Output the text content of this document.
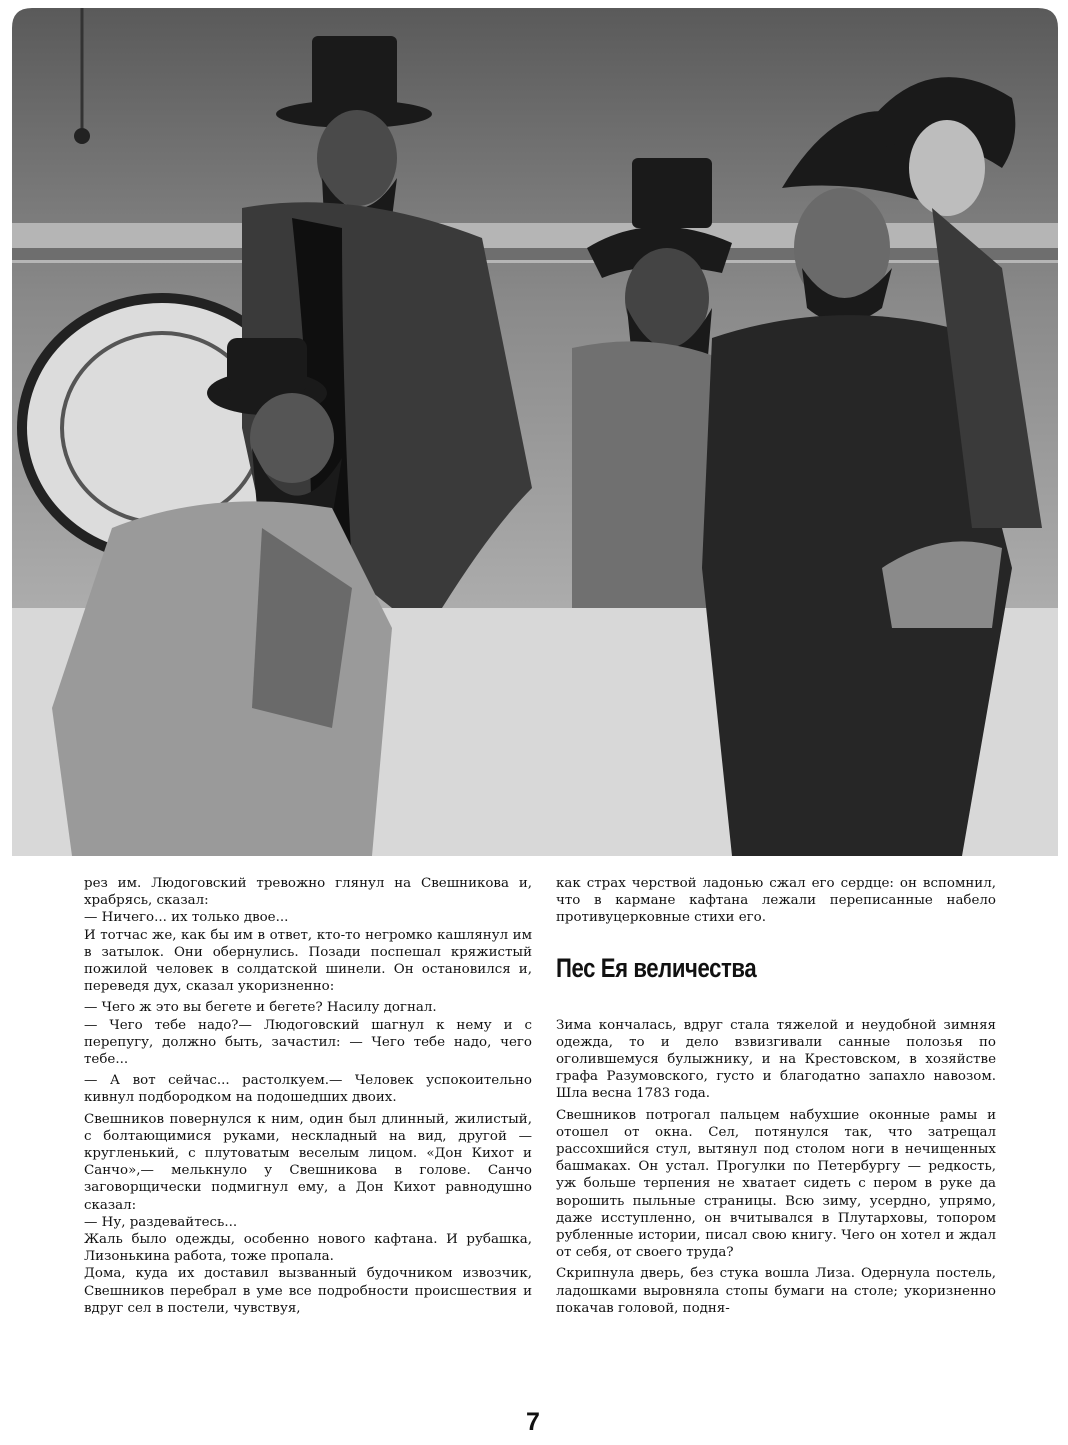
рез им. Людоговский тревожно глянул на Свешникова и, храбрясь, сказал:

— Ничего... их только двое...

И тотчас же, как бы им в ответ, кто-то негромко кашлянул им в затылок. Они обернулись. Позади поспешал кряжистый пожилой человек в солдатской шинели. Он остановился и, переведя дух, сказал укоризненно:

— Чего ж это вы бегете и бегете? Насилу догнал.

— Чего тебе надо?— Людоговский шагнул к нему и с перепугу, должно быть, зачастил: — Чего тебе надо, чего тебе...

— А вот сейчас... растолкуем.— Человек успокоительно кивнул подбородком на подошедших двоих.

Свешников повернулся к ним, один был длинный, жилистый, с болтающимися руками, нескладный на вид, другой — кругленький, с плутоватым веселым лицом. «Дон Кихот и Санчо»,— мелькнуло у Свешникова в голове. Санчо заговорщически подмигнул ему, а Дон Кихот равнодушно сказал:

— Ну, раздевайтесь...

Жаль было одежды, особенно нового кафтана. И рубашка, Лизонькина работа, тоже пропала.

Дома, куда их доставил вызванный будочником извозчик, Свешников перебрал в уме все подробности происшествия и вдруг сел в постели, чувствуя,

как страх черствой ладонью сжал его сердце: он вспомнил, что в кармане кафтана лежали переписанные набело противуцерковные стихи его.

Пес Ея величества

Зима кончалась, вдруг стала тяжелой и неудобной зимняя одежда, то и дело взвизгивали санные полозья по оголившемуся булыжнику, и на Крестовском, в хозяйстве графа Разумовского, густо и благодатно запахло навозом. Шла весна 1783 года.

Свешников потрогал пальцем набухшие оконные рамы и отошел от окна. Сел, потянулся так, что затрещал рассохшийся стул, вытянул под столом ноги в нечищенных башмаках. Он устал. Прогулки по Петербургу — редкость, уж больше терпения не хватает сидеть с пером в руке да ворошить пыльные страницы. Всю зиму, усердно, упрямо, даже исступленно, он вчитывался в Плутарховы, топором рубленные истории, писал свою книгу. Чего он хотел и ждал от себя, от своего труда?

Скрипнула дверь, без стука вошла Лиза. Одернула постель, ладошками выровняла стопы бумаги на столе; укоризненно покачав головой, подня-

7
